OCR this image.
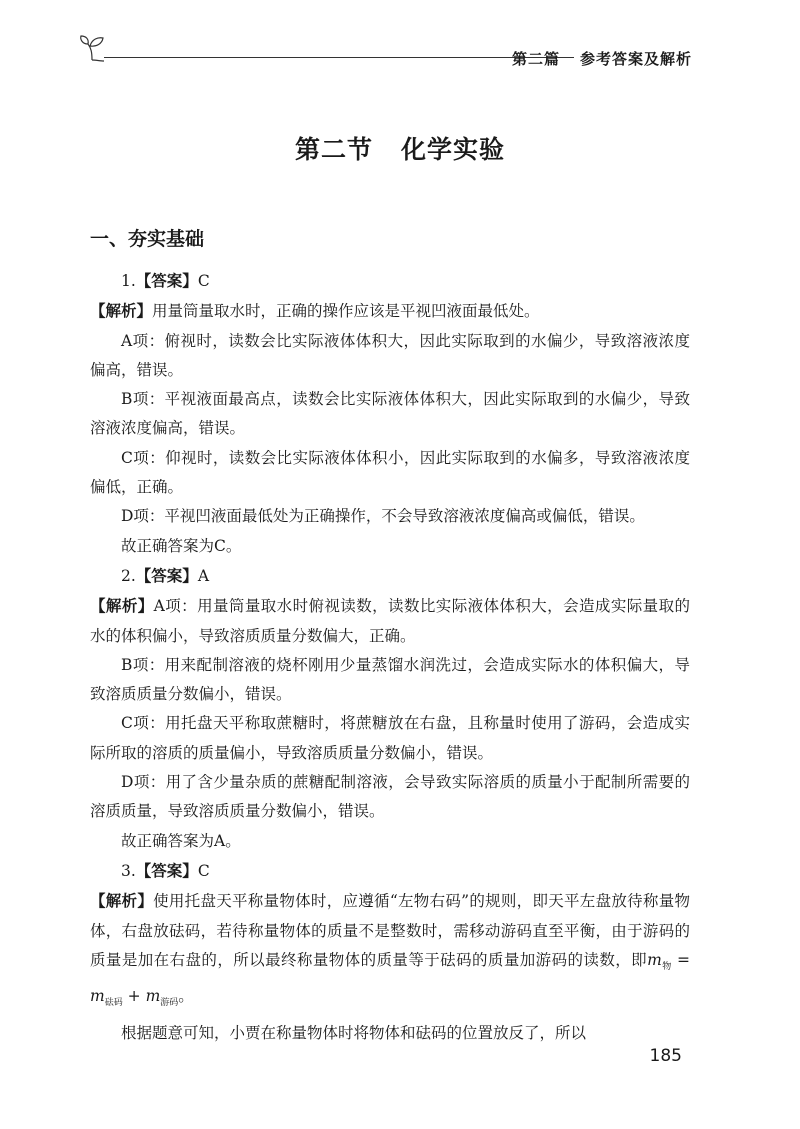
第二篇 参考答案及解析
第二节 化学实验
一、夯实基础

1.【答案】C

【解析】用量筒量取水时，正确的操作应该是平视凹液面最低处。

A项：俯视时，读数会比实际液体体积大，因此实际取到的水偏少，导致溶液浓度偏高，错误。

B项：平视液面最高点，读数会比实际液体体积大，因此实际取到的水偏少，导致溶液浓度偏高，错误。

C项：仰视时，读数会比实际液体体积小，因此实际取到的水偏多，导致溶液浓度偏低，正确。

D项：平视凹液面最低处为正确操作，不会导致溶液浓度偏高或偏低，错误。

故正确答案为C。

2.【答案】A

【解析】A项：用量筒量取水时俯视读数，读数比实际液体体积大，会造成实际量取的水的体积偏小，导致溶质质量分数偏大，正确。

B项：用来配制溶液的烧杯刚用少量蒸馏水润洗过，会造成实际水的体积偏大，导致溶质质量分数偏小，错误。

C项：用托盘天平称取蔗糖时，将蔗糖放在右盘，且称量时使用了游码，会造成实际所取的溶质的质量偏小，导致溶质质量分数偏小，错误。

D项：用了含少量杂质的蔗糖配制溶液，会导致实际溶质的质量小于配制所需要的溶质质量，导致溶质质量分数偏小，错误。

故正确答案为A。

3.【答案】C

【解析】使用托盘天平称量物体时，应遵循“左物右码”的规则，即天平左盘放待称量物体，右盘放砝码，若待称量物体的质量不是整数时，需移动游码直至平衡，由于游码的质量是加在右盘的，所以最终称量物体的质量等于砝码的质量加游码的读数，即$m_物 = m_{砝码} + m_{游码}$。

根据题意可知，小贾在称量物体时将物体和砝码的位置放反了，所以

185
